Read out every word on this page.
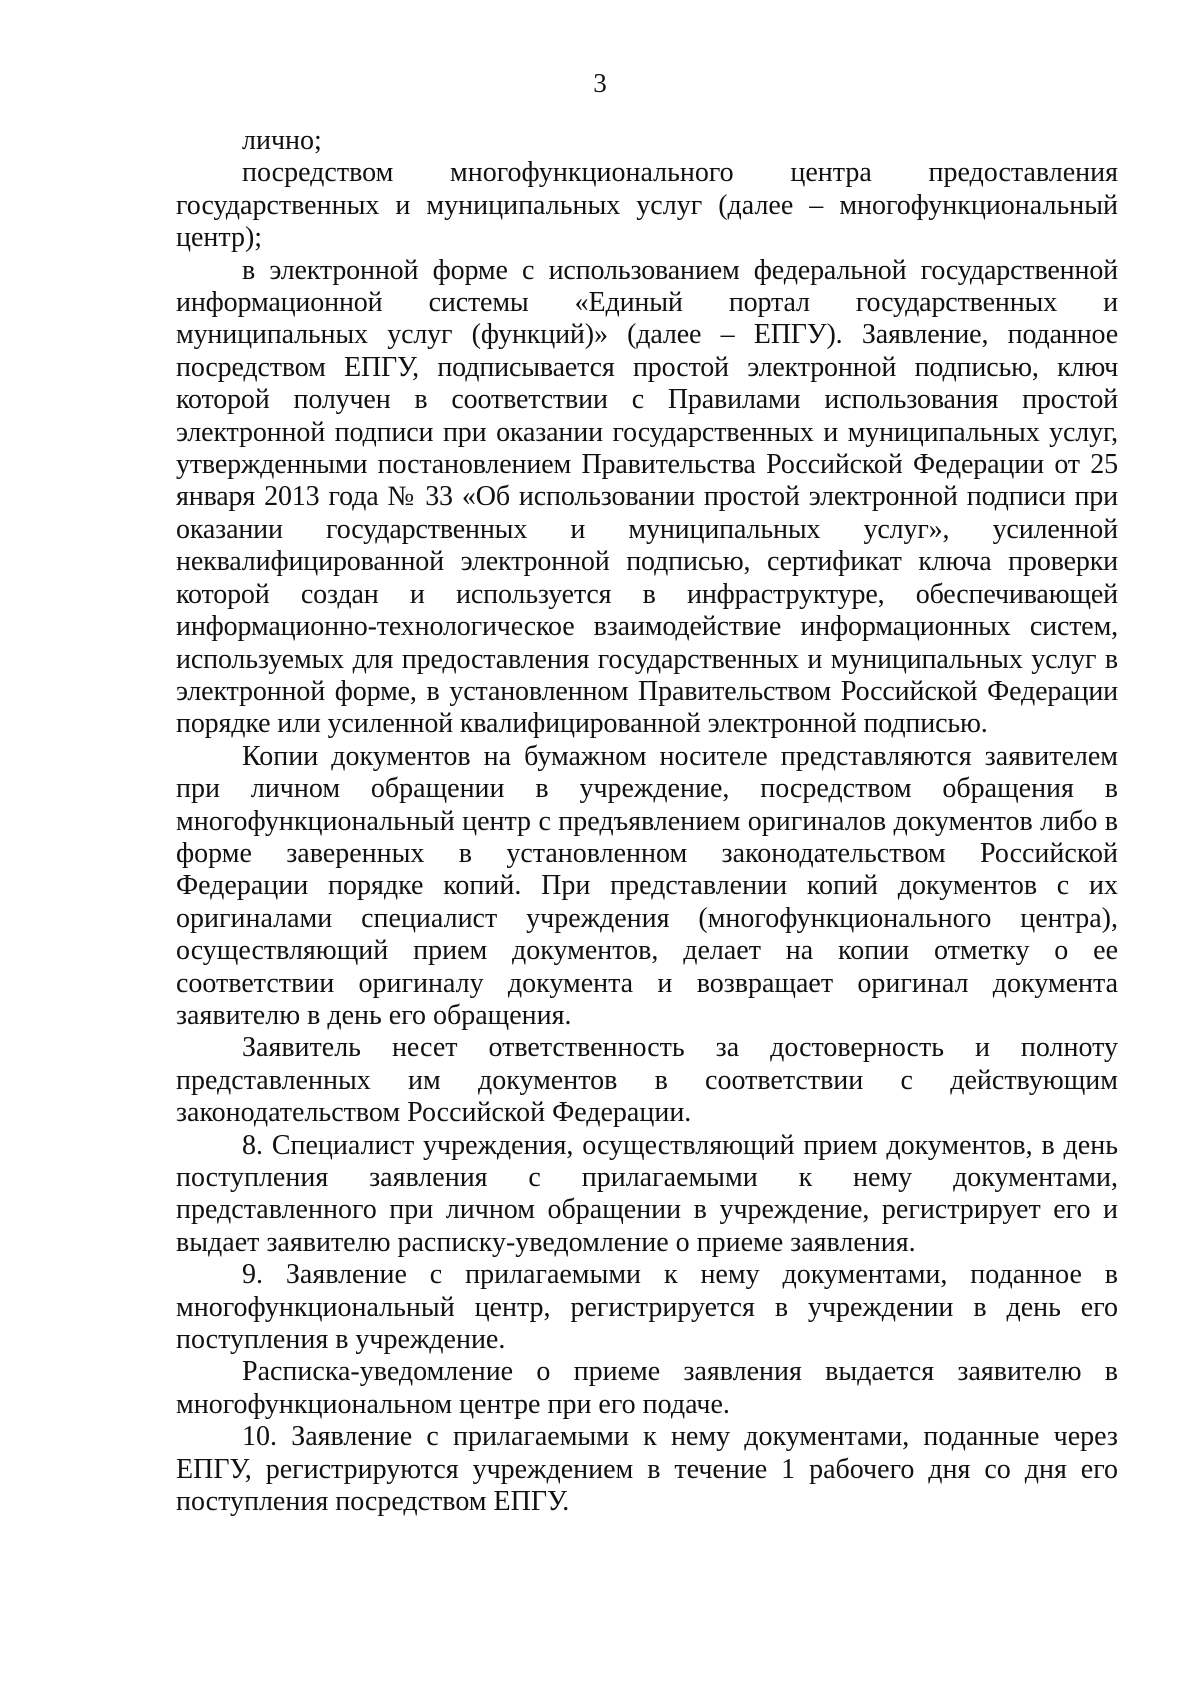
3

лично;

посредством многофункционального центра предоставления государственных и муниципальных услуг (далее – многофункциональный центр);

в электронной форме с использованием федеральной государственной информационной системы «Единый портал государственных и муниципальных услуг (функций)» (далее – ЕПГУ). Заявление, поданное посредством ЕПГУ, подписывается простой электронной подписью, ключ которой получен в соответствии с Правилами использования простой электронной подписи при оказании государственных и муниципальных услуг, утвержденными постановлением Правительства Российской Федерации от 25 января 2013 года № 33 «Об использовании простой электронной подписи при оказании государственных и муниципальных услуг», усиленной неквалифицированной электронной подписью, сертификат ключа проверки которой создан и используется в инфраструктуре, обеспечивающей информационно-технологическое взаимодействие информационных систем, используемых для предоставления государственных и муниципальных услуг в электронной форме, в установленном Правительством Российской Федерации порядке или усиленной квалифицированной электронной подписью.

Копии документов на бумажном носителе представляются заявителем при личном обращении в учреждение, посредством обращения в многофункциональный центр с предъявлением оригиналов документов либо в форме заверенных в установленном законодательством Российской Федерации порядке копий. При представлении копий документов с их оригиналами специалист учреждения (многофункционального центра), осуществляющий прием документов, делает на копии отметку о ее соответствии оригиналу документа и возвращает оригинал документа заявителю в день его обращения.

Заявитель несет ответственность за достоверность и полноту представленных им документов в соответствии с действующим законодательством Российской Федерации.

8. Специалист учреждения, осуществляющий прием документов, в день поступления заявления с прилагаемыми к нему документами, представленного при личном обращении в учреждение, регистрирует его и выдает заявителю расписку-уведомление о приеме заявления.

9. Заявление с прилагаемыми к нему документами, поданное в многофункциональный центр, регистрируется в учреждении в день его поступления в учреждение.

Расписка-уведомление о приеме заявления выдается заявителю в многофункциональном центре при его подаче.

10. Заявление с прилагаемыми к нему документами, поданные через ЕПГУ, регистрируются учреждением в течение 1 рабочего дня со дня его поступления посредством ЕПГУ.
